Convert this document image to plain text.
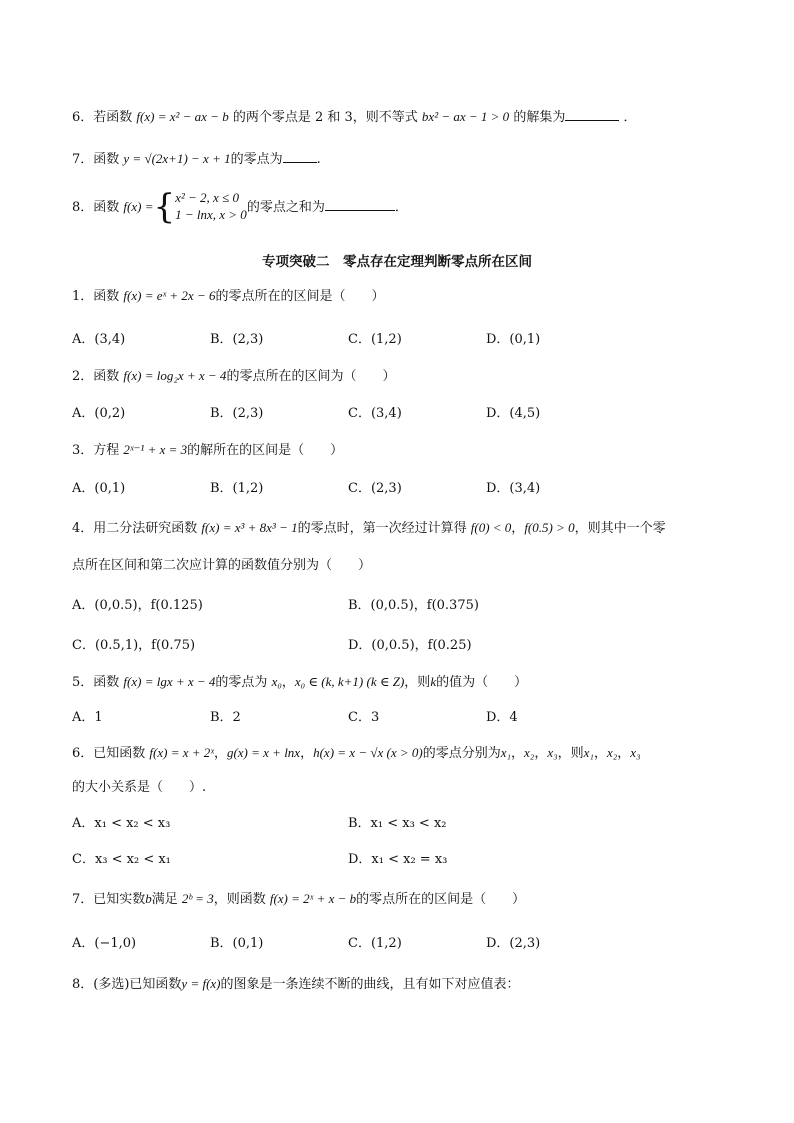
6．若函数 f(x) = x² − ax − b 的两个零点是 2 和 3，则不等式 bx² − ax − 1 > 0 的解集为	．
7．函数 y = √(2x+1) − x + 1的零点为	.
8．函数 f(x) ={x² − 2, x ≤ 0
1 − lnx, x > 0的零点之和为	．
专项突破二　零点存在定理判断零点所在区间
1．函数 f(x) = eˣ + 2x − 6的零点所在的区间是（　　）
A．(3,4)	B．(2,3)	C．(1,2)	D．(0,1)
2．函数 f(x) = log₂x + x − 4的零点所在的区间为（　　）
A．(0,2)	B．(2,3)	C．(3,4)	D．(4,5)
3．方程 2ˣ⁻¹ + x = 3的解所在的区间是（　　）
A．(0,1)	B．(1,2)	C．(2,3)	D．(3,4)
4．用二分法研究函数 f(x) = x³ + 8x³ − 1的零点时，第一次经过计算得 f(0) < 0，f(0.5) > 0，则其中一个零
点所在区间和第二次应计算的函数值分别为（　　）
A．(0,0.5)，f(0.125)	B．(0,0.5)，f(0.375)
C．(0.5,1)，f(0.75)	D．(0,0.5)，f(0.25)
5．函数 f(x) = lgx + x − 4的零点为 x₀，x₀ ∈ (k, k+1) (k ∈ Z)，则k的值为（　　）
A．1	B．2	C．3	D．4
6．已知函数 f(x) = x + 2ˣ，g(x) = x + lnx，h(x) = x − √x (x > 0)的零点分别为x₁，x₂，x₃，则x₁，x₂，x₃
的大小关系是（　　）.
A．x₁ < x₂ < x₃	B．x₁ < x₃ < x₂
C．x₃ < x₂ < x₁	D．x₁ < x₂ = x₃
7．已知实数b满足 2ᵇ = 3，则函数 f(x) = 2ˣ + x − b的零点所在的区间是（　　）
A．(−1,0)	B．(0,1)	C．(1,2)	D．(2,3)
8．(多选)已知函数y = f(x)的图象是一条连续不断的曲线，且有如下对应值表：
